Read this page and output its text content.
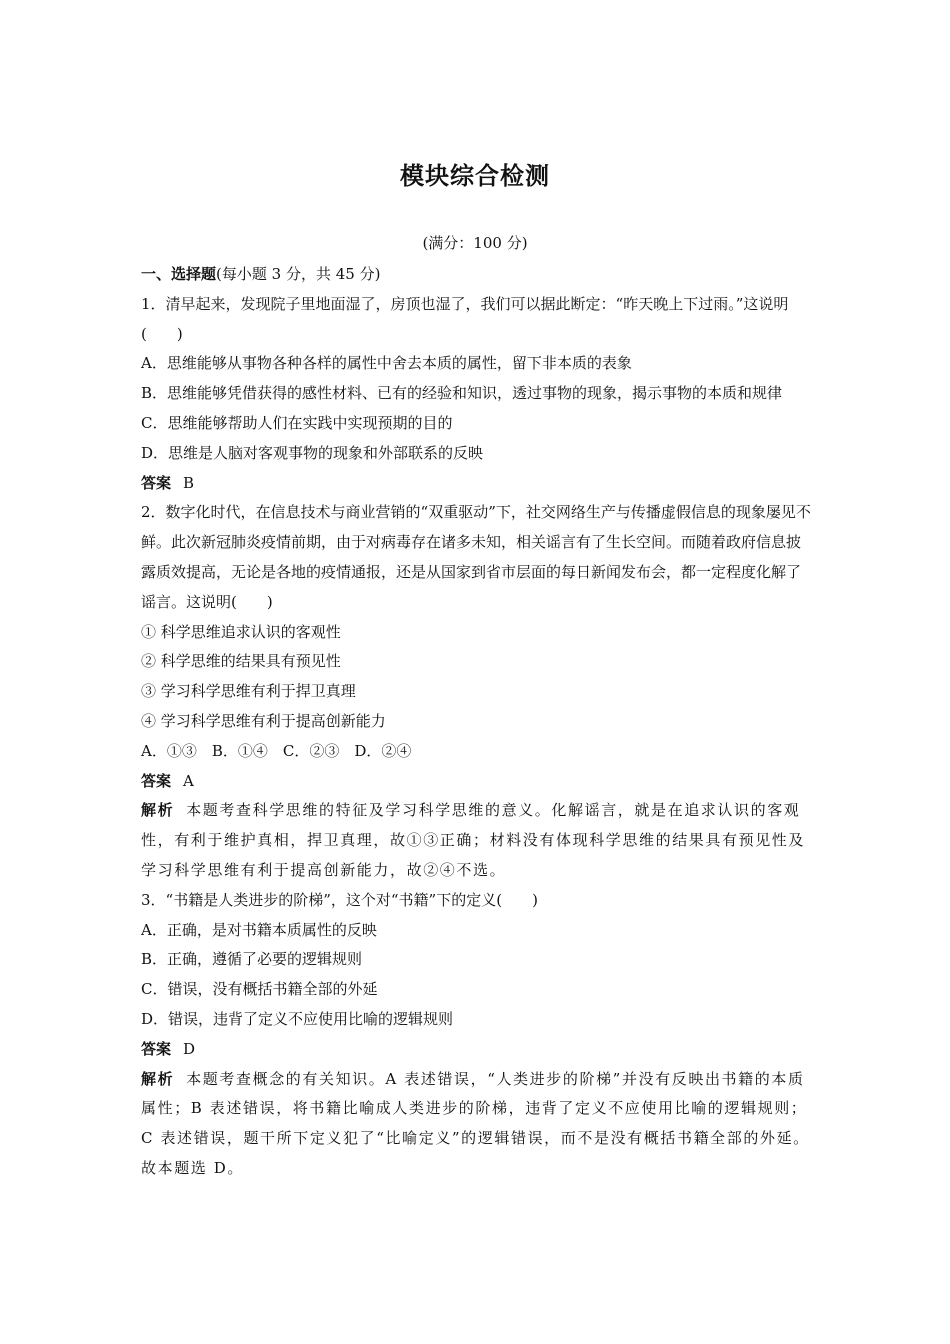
模块综合检测
(满分：100 分)

一、选择题(每小题 3 分，共 45 分)

1．清早起来，发现院子里地面湿了，房顶也湿了，我们可以据此断定：“昨天晚上下过雨。”这说明(　　)

A．思维能够从事物各种各样的属性中舍去本质的属性，留下非本质的表象

B．思维能够凭借获得的感性材料、已有的经验和知识，透过事物的现象，揭示事物的本质和规律

C．思维能够帮助人们在实践中实现预期的目的

D．思维是人脑对客观事物的现象和外部联系的反映

答案 B

2．数字化时代，在信息技术与商业营销的“双重驱动”下，社交网络生产与传播虚假信息的现象屡见不鲜。此次新冠肺炎疫情前期，由于对病毒存在诸多未知，相关谣言有了生长空间。而随着政府信息披露质效提高，无论是各地的疫情通报，还是从国家到省市层面的每日新闻发布会，都一定程度化解了谣言。这说明(　　)

① 科学思维追求认识的客观性

② 科学思维的结果具有预见性

③ 学习科学思维有利于捍卫真理

④ 学习科学思维有利于提高创新能力

A．①③　B．①④　C．②③　D．②④

答案 A

解析 本题考查科学思维的特征及学习科学思维的意义。化解谣言，就是在追求认识的客观性，有利于维护真相，捍卫真理，故①③正确；材料没有体现科学思维的结果具有预见性及学习科学思维有利于提高创新能力，故②④不选。

3．“书籍是人类进步的阶梯”，这个对“书籍”下的定义(　　)

A．正确，是对书籍本质属性的反映

B．正确，遵循了必要的逻辑规则

C．错误，没有概括书籍全部的外延

D．错误，违背了定义不应使用比喻的逻辑规则

答案 D

解析 本题考查概念的有关知识。A 表述错误，“人类进步的阶梯”并没有反映出书籍的本质属性；B 表述错误，将书籍比喻成人类进步的阶梯，违背了定义不应使用比喻的逻辑规则；C 表述错误，题干所下定义犯了“比喻定义”的逻辑错误，而不是没有概括书籍全部的外延。故本题选 D。
